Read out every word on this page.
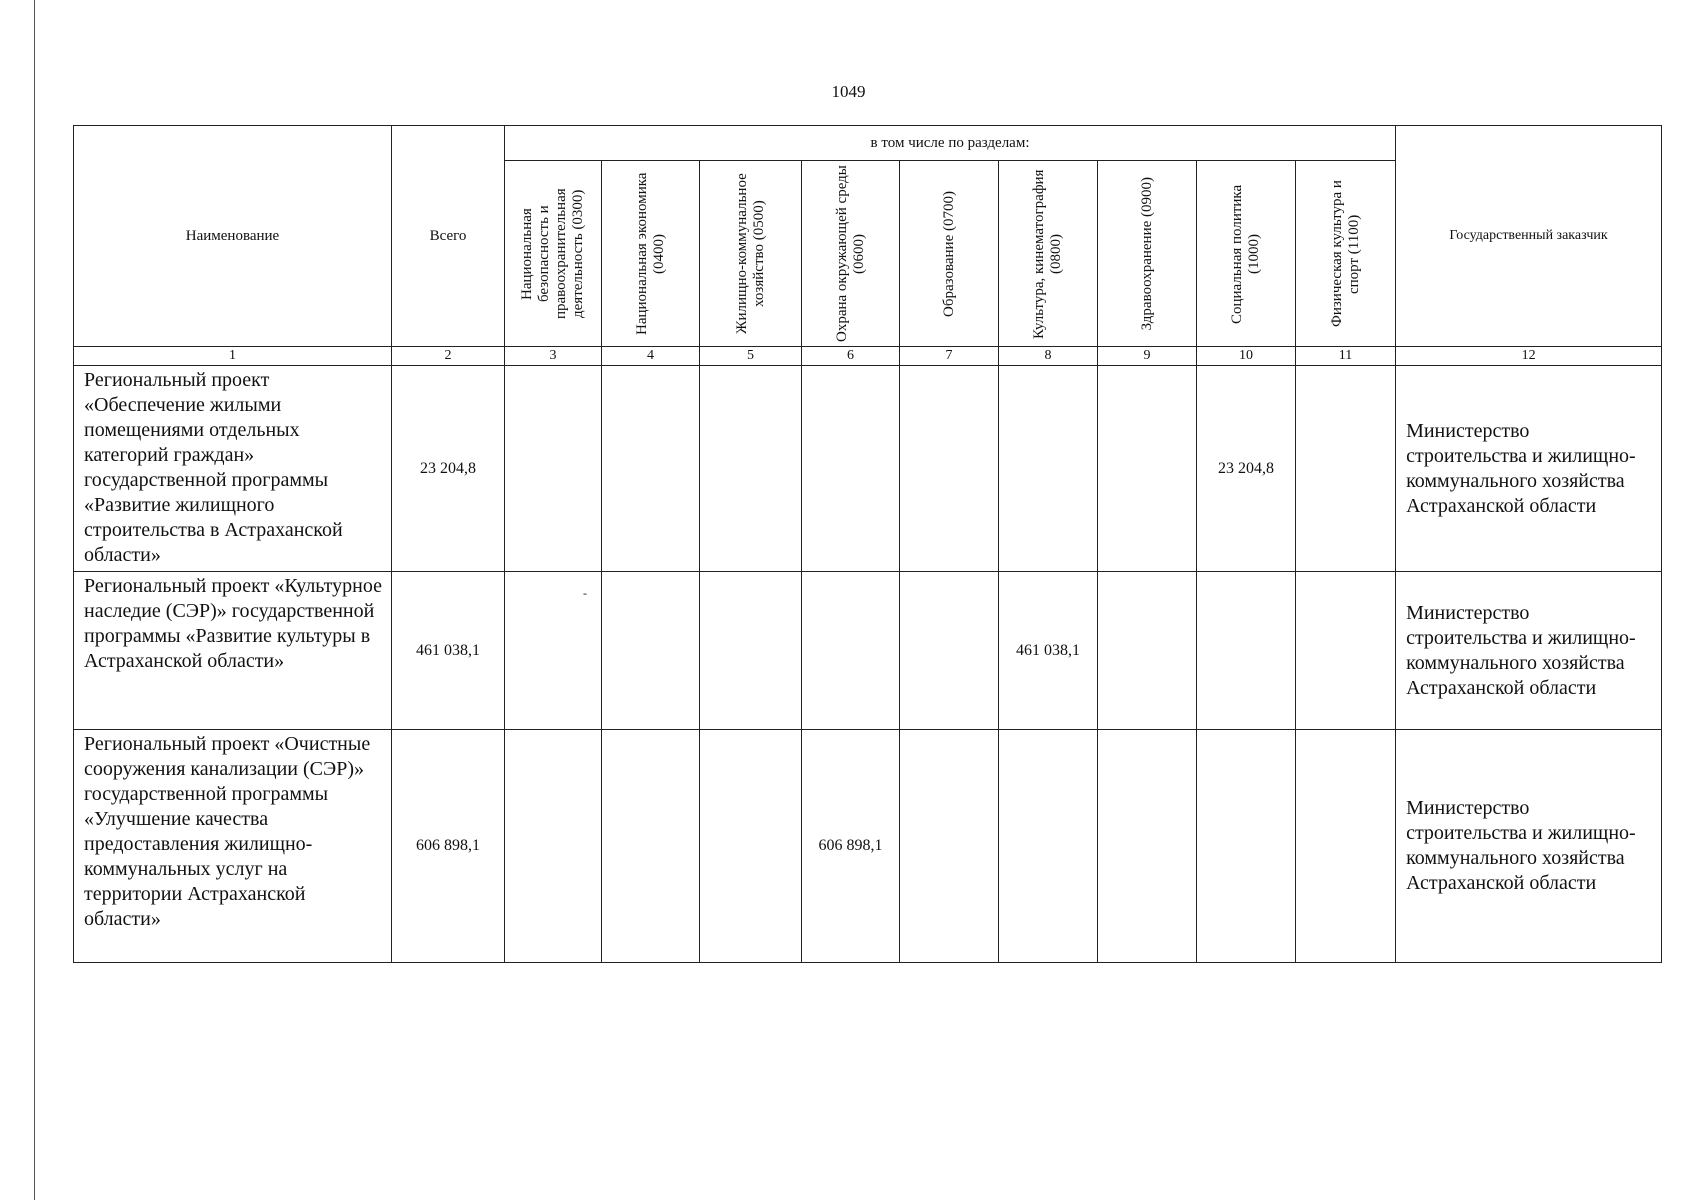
1049
Наименование	Всего	в том числе по разделам:									Государственный заказчик

		Национальная безопасность и правоохранительная деятельность (0300)	Национальная экономика (0400)	Жилищно-коммунальное хозяйство (0500)	Охрана окружающей среды (0600)	Образование (0700)	Культура, кинематография (0800)	Здравоохранение (0900)	Социальная политика (1000)	Физическая культура и спорт (1100)	

1	2	3	4	5	6	7	8	9	10	11	12
Региональный проект «Обеспечение жилыми помещениями отдельных категорий граждан» государственной программы «Развитие жилищного строительства в Астраханской области»	23 204,8								23 204,8		Министерство строительства и жилищно-коммунального хозяйства Астраханской области
Региональный проект «Культурное наследие (СЭР)» государственной программы «Развитие культуры в Астраханской области»	461 038,1	-					461 038,1				Министерство строительства и жилищно-коммунального хозяйства Астраханской области
Региональный проект «Очистные сооружения канализации (СЭР)» государственной программы «Улучшение качества предоставления жилищно-коммунальных услуг на территории Астраханской области»	606 898,1				606 898,1						Министерство строительства и жилищно-коммунального хозяйства Астраханской области
